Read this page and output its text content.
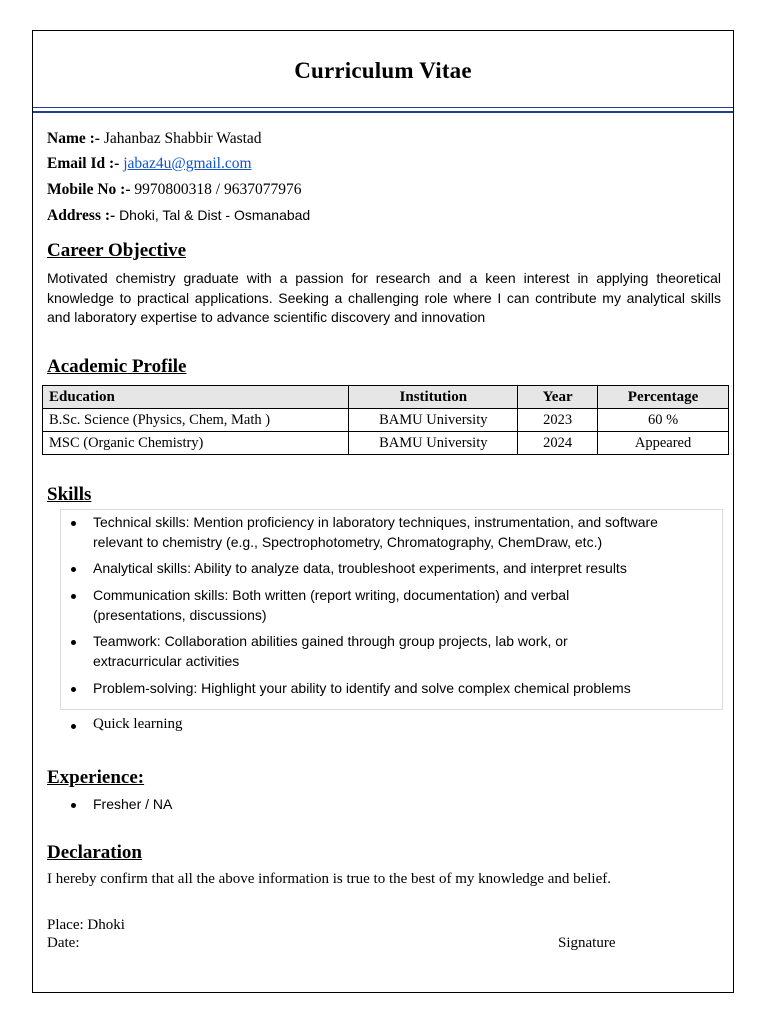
Curriculum Vitae
Name :- Jahanbaz Shabbir Wastad
Email Id :- jabaz4u@gmail.com
Mobile No :- 9970800318 / 9637077976
Address :- Dhoki, Tal & Dist - Osmanabad
Career Objective
Motivated chemistry graduate with a passion for research and a keen interest in applying theoretical knowledge to practical applications. Seeking a challenging role where I can contribute my analytical skills and laboratory expertise to advance scientific discovery and innovation
Academic Profile
Education	Institution	Year	Percentage
B.Sc. Science (Physics, Chem, Math )	BAMU University	2023	60 %
MSC (Organic Chemistry)	BAMU University	2024	Appeared
Skills
Technical skills: Mention proficiency in laboratory techniques, instrumentation, and software
relevant to chemistry (e.g., Spectrophotometry, Chromatography, ChemDraw, etc.)
Analytical skills: Ability to analyze data, troubleshoot experiments, and interpret results
Communication skills: Both written (report writing, documentation) and verbal
(presentations, discussions)
Teamwork: Collaboration abilities gained through group projects, lab work, or
extracurricular activities
Problem-solving: Highlight your ability to identify and solve complex chemical problems
Quick learning
Experience:
Fresher / NA
Declaration
I hereby confirm that all the above information is true to the best of my knowledge and belief.
Place: Dhoki
Date:	Signature
